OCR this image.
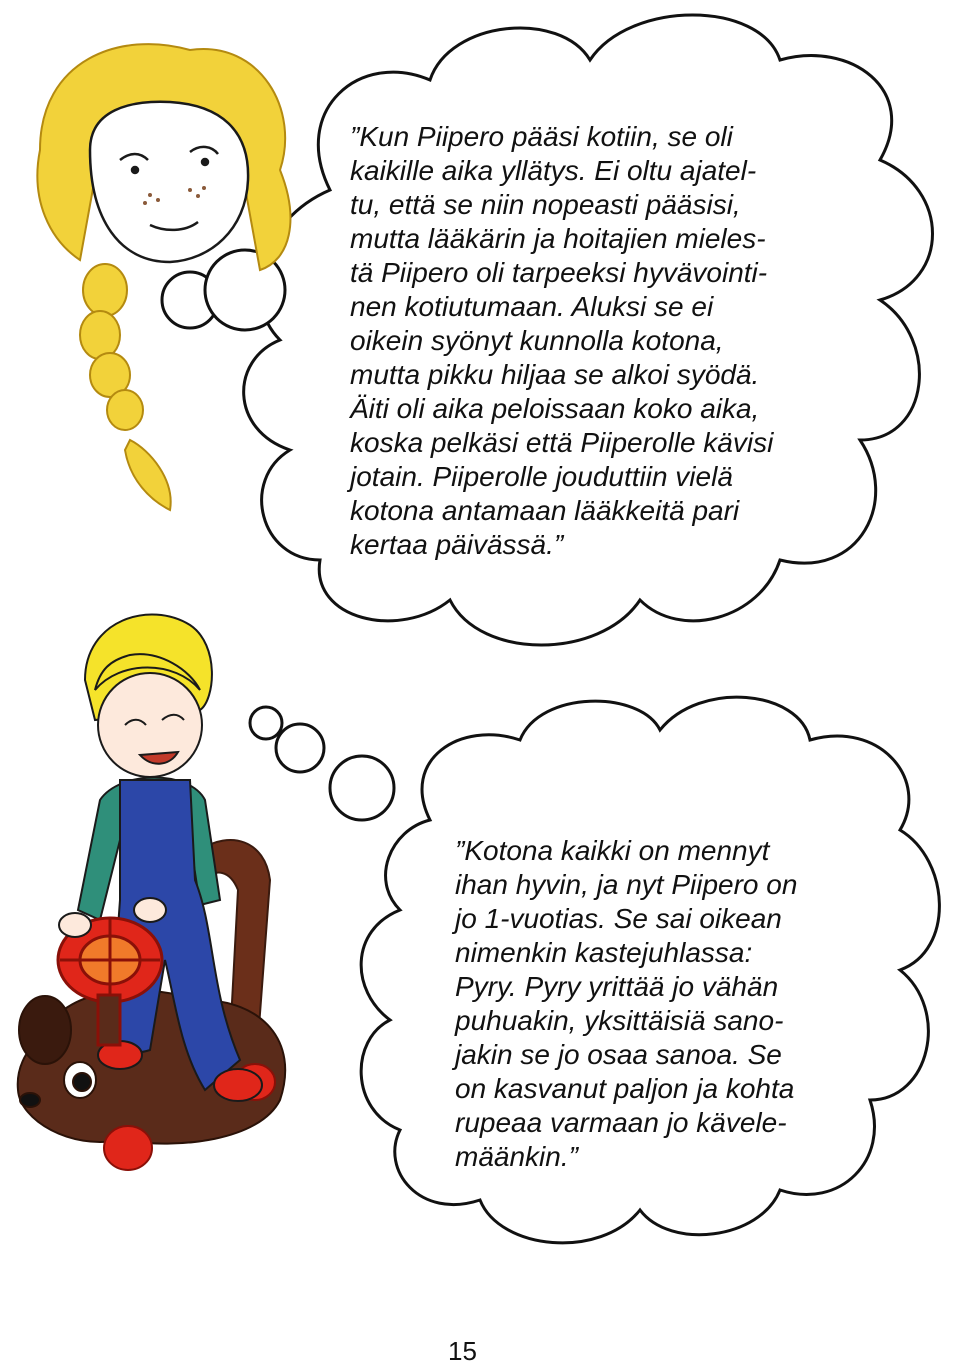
”Kun Piipero pääsi kotiin, se oli

kaikille aika yllätys. Ei oltu ajatel-

tu, että se niin nopeasti pääsisi,

mutta lääkärin ja hoitajien mieles-

tä Piipero oli tarpeeksi hyvävointi-

nen kotiutumaan. Aluksi se ei

oikein syönyt kunnolla kotona,

mutta pikku hiljaa se alkoi syödä.

Äiti oli aika peloissaan koko aika,

koska pelkäsi että Piiperolle kävisi

jotain. Piiperolle jouduttiin vielä

kotona antamaan lääkkeitä pari

kertaa päivässä.”

”Kotona kaikki on mennyt

ihan hyvin, ja nyt Piipero on

jo 1-vuotias. Se sai oikean

nimenkin kastejuhlassa:

Pyry. Pyry yrittää jo vähän

puhuakin, yksittäisiä sano-

jakin se jo osaa sanoa. Se

on kasvanut paljon ja kohta

rupeaa varmaan jo kävele-

määnkin.”

15
